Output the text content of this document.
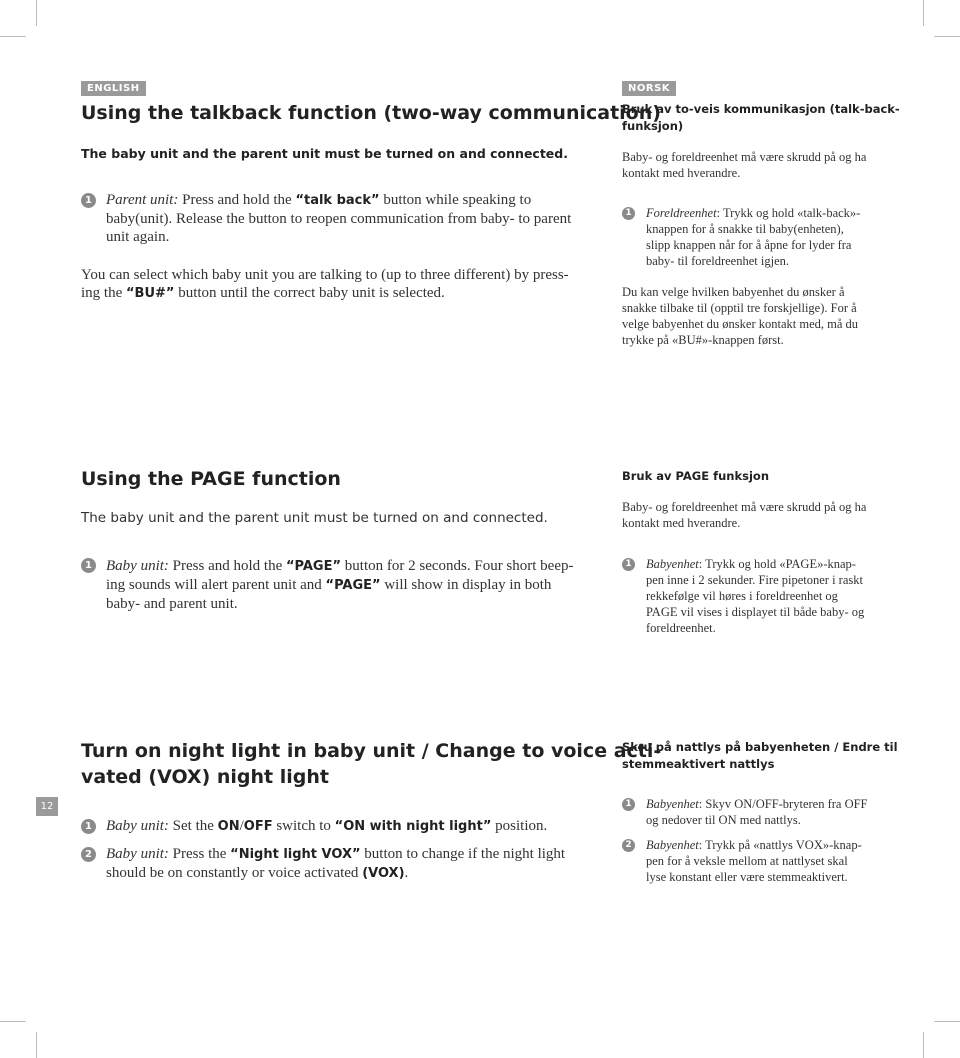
12
ENGLISH
Using the talkback function (two-way communication)
The baby unit and the parent unit must be turned on and connected.
1 Parent unit: Press and hold the “talk back” button while speaking to
baby(unit). Release the button to reopen communication from baby- to parent
unit again.

You can select which baby unit you are talking to (up to three different) by press-
ing the “BU#” button until the correct baby unit is selected.

Using the PAGE function
The baby unit and the parent unit must be turned on and connected.
1 Baby unit: Press and hold the “PAGE” button for 2 seconds. Four short beep-
ing sounds will alert parent unit and “PAGE” will show in display in both
baby- and parent unit.

Turn on night light in baby unit / Change to voice acti-
vated (VOX) night light
1 Baby unit: Set the ON/OFF switch to “ON with night light” position.

2 Baby unit: Press the “Night light VOX” button to change if the night light
should be on constantly or voice activated (VOX).

NORSK
Bruk av to-veis kommunikasjon (talk-back-
funksjon)

Baby- og foreldreenhet må være skrudd på og ha
kontakt med hverandre.

1 Foreldreenhet: Trykk og hold «talk-back»-
knappen for å snakke til baby(enheten),
slipp knappen når for å åpne for lyder fra
baby- til foreldreenhet igjen.

Du kan velge hvilken babyenhet du ønsker å
snakke tilbake til (opptil tre forskjellige). For å
velge babyenhet du ønsker kontakt med, må du
trykke på «BU#»-knappen først.

Bruk av PAGE funksjon

Baby- og foreldreenhet må være skrudd på og ha
kontakt med hverandre.

1 Babyenhet: Trykk og hold «PAGE»-knap-
pen inne i 2 sekunder. Fire pipetoner i raskt
rekkefølge vil høres i foreldreenhet og
PAGE vil vises i displayet til både baby- og
foreldreenhet.

Skru på nattlys på babyenheten / Endre til
stemmeaktivert nattlys
1 Babyenhet: Skyv ON/OFF-bryteren fra OFF
og nedover til ON med nattlys.

2 Babyenhet: Trykk på «nattlys VOX»-knap-
pen for å veksle mellom at nattlyset skal
lyse konstant eller være stemmeaktivert.
